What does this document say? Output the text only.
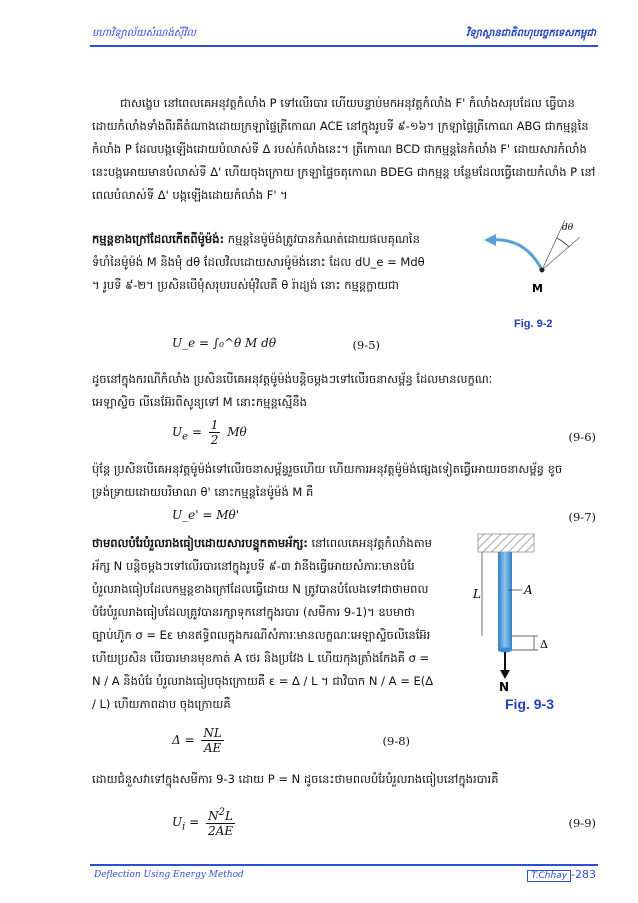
មហាវិទ្យាល័យសំណង់ស៊ីវិល	វិទ្យាស្ថានជាតិពហុបច្ចេកទេសកម្ពុជា
ជាសង្ខេប នៅពេលគេអនុវត្តកំលាំង P ទៅលើរបារ ហើយបន្ទាប់មកអនុវត្តកំលាំង F' កំលាំងសរុបដែល ធ្វើបានដោយកំលាំងទាំងពីរគឺតំណាងដោយក្រឡាផ្ទៃត្រីកោណ ACE នៅក្នុងរូបទី ៩-១៦។ ក្រឡាផ្ទៃត្រីកោណ ABG ជាកម្មន្តនៃកំលាំង P ដែលបង្កឡើងដោយបំលាស់ទី Δ របស់កំលាំងនេះ។ ត្រីកោណ BCD ជាកម្មន្តនៃកំលាំង F' ដោយសារកំលាំងនេះបង្កអោយមានបំលាស់ទី Δ' ហើយចុងក្រោយ ក្រឡាផ្ទៃចតុកោណ BDEG ជាកម្មន្ត បន្ថែមដែលធ្វើដោយកំលាំង P នៅពេលបំលាស់ទី Δ' បង្កឡើងដោយកំលាំង F' ។
កម្មន្តខាងក្រៅដែលកើតពីម៉ូម៉ង់: កម្មន្តនៃម៉ូម៉ង់ត្រូវបានកំណត់ដោយផលគុណនៃ ទំហំនៃម៉ូម៉ង់ M និងមុំ dθ ដែលវិលដោយសារម៉ូម៉ង់នោះ ដែល dU_e = Mdθ ។ រូបទី ៩-២។ ប្រសិនបើមុំសរុបរបស់មុំវិលគឺ θ រ៉ាដ្យង់ នោះ កម្មន្តក្លាយជា
dθ
M
Fig. 9-2
U_e = ∫₀^θ M dθ	(9-5)
ដូចនៅក្នុងករណីកំលាំង ប្រសិនបើគេអនុវត្តម៉ូម៉ង់បន្តិចម្តងៗទៅលើរចនាសម្ព័ន្ធ ដែលមានលក្ខណៈអេឡាស្ទិច លីនេអ៊ែរពីសូន្យទៅ M នោះកម្មន្តស្មើនឹង
$U_e = \frac{1}{2}$ Mθ	(9-6)
ប៉ុន្តែ ប្រសិនបើគេអនុវត្តម៉ូម៉ង់ទៅលើរចនាសម្ព័ន្ធរួចហើយ ហើយការអនុវត្តម៉ូម៉ង់ផ្សេងទៀតធ្វើអោយរចនាសម្ព័ន្ធ ខូចទ្រង់ទ្រាយដោយបរិមាណ θ' នោះកម្មន្តនៃម៉ូម៉ង់ M គឺ
U_e' = Mθ'	(9-7)
ថាមពលបំរែបំរួលរាងធៀបដោយសារបន្ទុកតាមអ័ក្ស: នៅពេលគេអនុវត្តកំលាំងតាម អ័ក្ស N បន្តិចម្តងៗទៅលើរបារនៅក្នុងរូបទី ៩-៣ វានឹងធ្វើអោយសំភារៈមានបំរែ បំរួលរាងធៀបដែលកម្មន្តខាងក្រៅដែលធ្វើដោយ N ត្រូវបានបំលែងទៅជាថាមពល បំរែបំរួលរាងធៀបដែលត្រូវបានរក្សាទុកនៅក្នុងរបារ (សមីការ 9-1)។ ឧបមាថាច្បាប់ហ៊ូក σ = Eε មានឥទ្ធិពលក្នុងករណីសំភារៈមានលក្ខណៈអេឡាស្ទិចលីនេអ៊ែរ ហើយប្រសិន បើរបារមានមុខកាត់ A ថេរ និងប្រវែង L ហើយកុងត្រាំងកែងគឺ σ = N / A និងបំរែ បំរួលរាងធៀបចុងក្រោយគឺ ε = Δ / L ។ ជាវិបាក N / A = E(Δ / L) ហើយភាពដាប ចុងក្រោយគឺ
L	A
Δ
N
Fig. 9-3
$\Delta = \frac{NL}{AE}$	(9-8)
ដោយជំនួសវាទៅក្នុងសមីការ 9-3 ដោយ P = N ដូចនេះថាមពលបំរែបំរួលរាងធៀបនៅក្នុងរបារគឺ
$U_i = \frac{N^2L}{2AE}$	(9-9)
Deflection Using Energy Method	T.Chhay -283
